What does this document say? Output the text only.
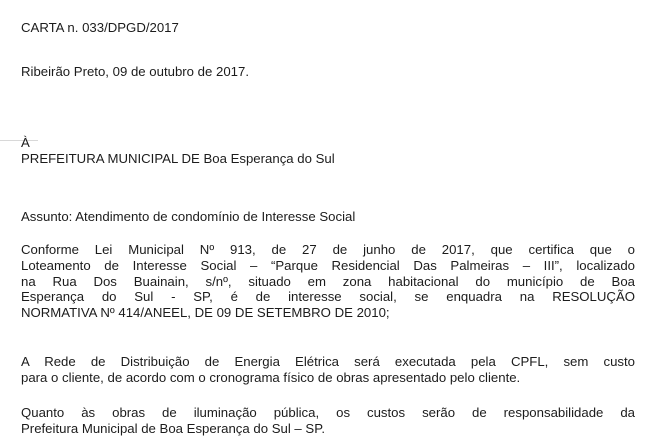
CARTA n. 033/DPGD/2017
Ribeirão Preto, 09 de outubro de 2017.
À
PREFEITURA MUNICIPAL DE Boa Esperança do Sul
Assunto: Atendimento de condomínio de Interesse Social
Conforme Lei Municipal Nº 913, de 27 de junho de 2017, que certifica que o
Loteamento de Interesse Social – “Parque Residencial Das Palmeiras – III”, localizado
na Rua Dos Buainain, s/nº, situado em zona habitacional do município de Boa
Esperança do Sul - SP, é de interesse social, se enquadra na RESOLUÇÃO
NORMATIVA Nº 414/ANEEL, DE 09 DE SETEMBRO DE 2010;
A Rede de Distribuição de Energia Elétrica será executada pela CPFL, sem custo
para o cliente, de acordo com o cronograma físico de obras apresentado pelo cliente.
Quanto às obras de iluminação pública, os custos serão de responsabilidade da
Prefeitura Municipal de Boa Esperança do Sul – SP.
